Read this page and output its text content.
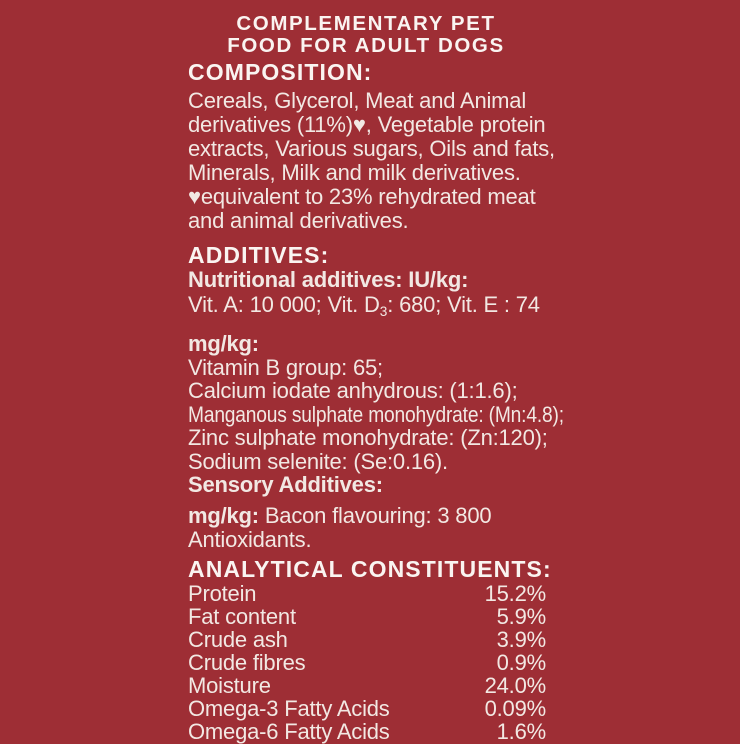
COMPLEMENTARY PET
FOOD FOR ADULT DOGS
COMPOSITION:
Cereals, Glycerol, Meat and Animal
derivatives (11%)♥, Vegetable protein
extracts, Various sugars, Oils and fats,
Minerals, Milk and milk derivatives.
♥equivalent to 23% rehydrated meat
and animal derivatives.
ADDITIVES:
Nutritional additives: IU/kg:
Vit. A: 10 000; Vit. $D_3$: 680; Vit. E : 74
mg/kg:
Vitamin B group: 65;
Calcium iodate anhydrous: (1:1.6);
Manganous sulphate monohydrate: (Mn:4.8);
Zinc sulphate monohydrate: (Zn:120);
Sodium selenite: (Se:0.16).
Sensory Additives:
mg/kg: Bacon flavouring: 3 800
Antioxidants.
ANALYTICAL CONSTITUENTS:
Protein	15.2%
Fat content	5.9%
Crude ash	3.9%
Crude fibres	0.9%
Moisture	24.0%
Omega-3 Fatty Acids	0.09%
Omega-6 Fatty Acids	1.6%
